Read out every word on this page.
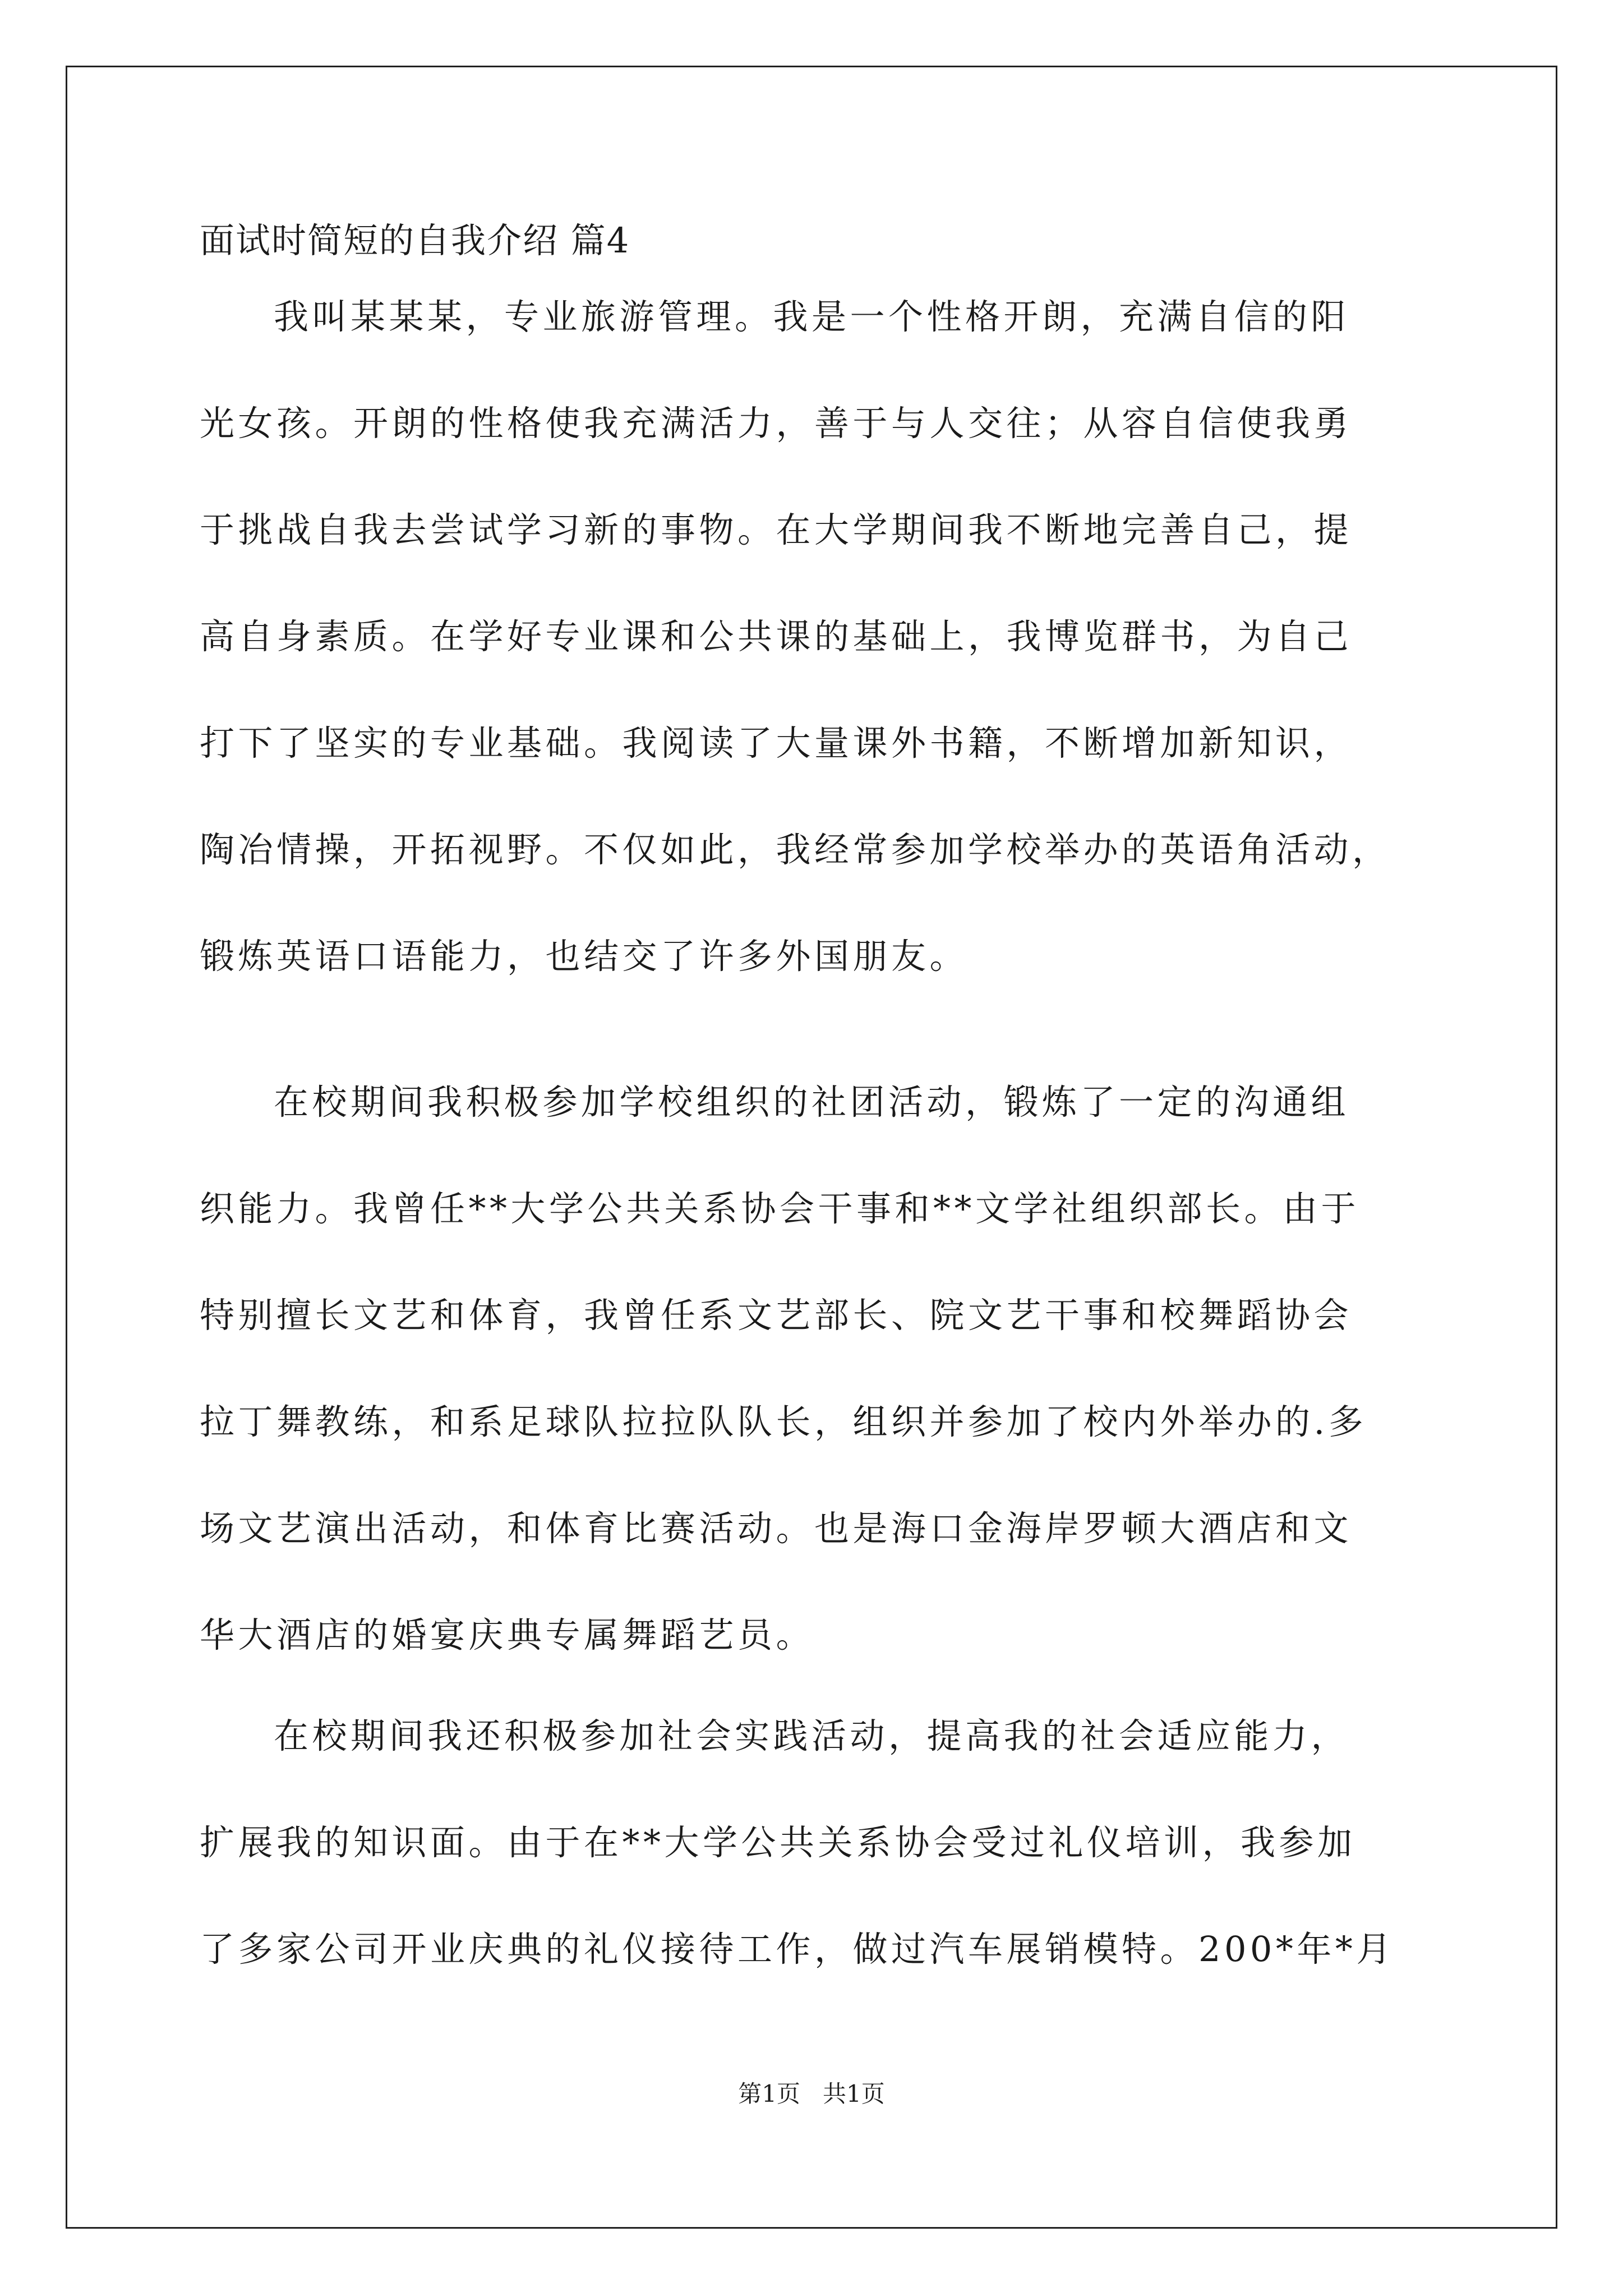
面试时简短的自我介绍 篇4
我叫某某某，专业旅游管理。我是一个性格开朗，充满自信的阳
光女孩。开朗的性格使我充满活力，善于与人交往；从容自信使我勇
于挑战自我去尝试学习新的事物。在大学期间我不断地完善自己，提
高自身素质。在学好专业课和公共课的基础上，我博览群书，为自己
打下了坚实的专业基础。我阅读了大量课外书籍，不断增加新知识，
陶冶情操，开拓视野。不仅如此，我经常参加学校举办的英语角活动，
锻炼英语口语能力，也结交了许多外国朋友。
在校期间我积极参加学校组织的社团活动，锻炼了一定的沟通组
织能力。我曾任**大学公共关系协会干事和**文学社组织部长。由于
特别擅长文艺和体育，我曾任系文艺部长、院文艺干事和校舞蹈协会
拉丁舞教练，和系足球队拉拉队队长，组织并参加了校内外举办的.多
场文艺演出活动，和体育比赛活动。也是海口金海岸罗顿大酒店和文
华大酒店的婚宴庆典专属舞蹈艺员。
在校期间我还积极参加社会实践活动，提高我的社会适应能力，
扩展我的知识面。由于在**大学公共关系协会受过礼仪培训，我参加
了多家公司开业庆典的礼仪接待工作，做过汽车展销模特。200*年*月
第1页   共1页
